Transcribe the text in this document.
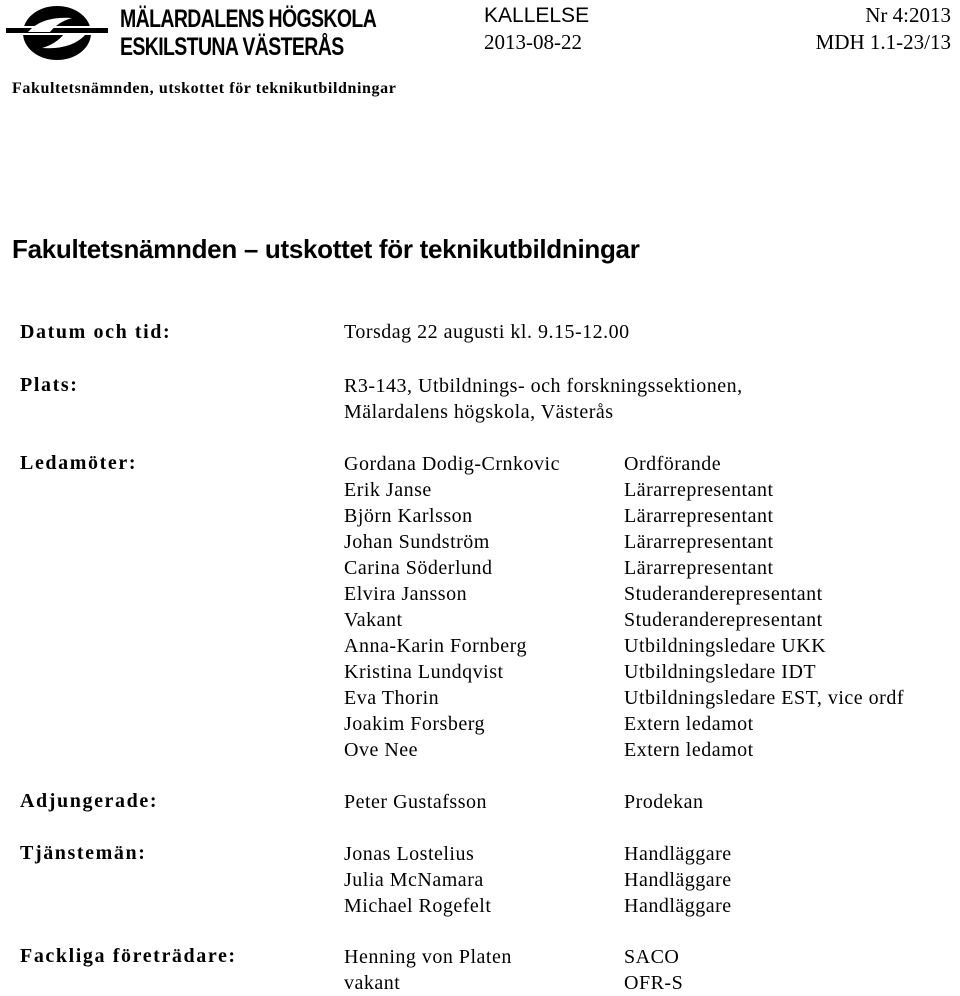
MÄLARDALENS HÖGSKOLA
ESKILSTUNA VÄSTERÅS
KALLELSE
2013-08-22
Nr 4:2013
MDH 1.1-23/13
Fakultetsnämnden, utskottet för teknikutbildningar
Fakultetsnämnden – utskottet för teknikutbildningar
Datum och tid:	Torsdag 22 augusti kl. 9.15-12.00
Plats:	R3-143, Utbildnings- och forskningssektionen,
Mälardalens högskola, Västerås
Ledamöter:	Gordana Dodig-Crnkovic	Ordförande
Erik Janse	Lärarrepresentant
Björn Karlsson	Lärarrepresentant
Johan Sundström	Lärarrepresentant
Carina Söderlund	Lärarrepresentant
Elvira Jansson	Studeranderepresentant
Vakant	Studeranderepresentant
Anna-Karin Fornberg	Utbildningsledare UKK
Kristina Lundqvist	Utbildningsledare IDT
Eva Thorin	Utbildningsledare EST, vice ordf
Joakim Forsberg	Extern ledamot
Ove Nee	Extern ledamot
Adjungerade:	Peter Gustafsson	Prodekan
Tjänstemän:	Jonas Lostelius	Handläggare
Julia McNamara	Handläggare
Michael Rogefelt	Handläggare
Fackliga företrädare:	Henning von Platen	SACO
vakant	OFR-S
